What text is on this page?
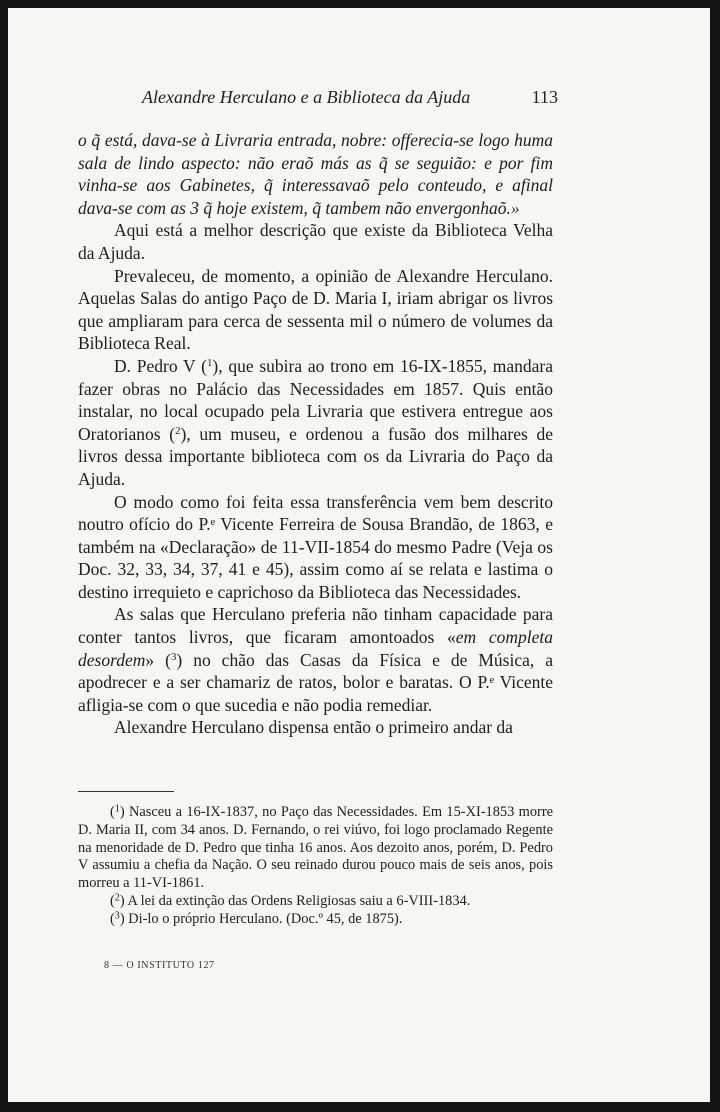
Alexandre Herculano e a Biblioteca da Ajuda	113

o q̃ está, dava-se à Livraria entrada, nobre: offerecia-se logo huma sala de lindo aspecto: não eraõ más as q̃ se seguião: e por fim vinha-se aos Gabinetes, q̃ interessavaõ pelo conteudo, e afinal dava-se com as 3 q̃ hoje existem, q̃ tambem não envergonhaõ.»

Aqui está a melhor descrição que existe da Biblioteca Velha da Ajuda.

Prevaleceu, de momento, a opinião de Alexandre Herculano. Aquelas Salas do antigo Paço de D. Maria I, iriam abrigar os livros que ampliaram para cerca de sessenta mil o número de volumes da Biblioteca Real.

D. Pedro V ($^1$), que subira ao trono em 16-IX-1855, mandara fazer obras no Palácio das Necessidades em 1857. Quis então instalar, no local ocupado pela Livraria que estivera entregue aos Oratorianos ($^2$), um museu, e ordenou a fusão dos milhares de livros dessa importante biblioteca com os da Livraria do Paço da Ajuda.

O modo como foi feita essa transferência vem bem descrito noutro ofício do P.ᵉ Vicente Ferreira de Sousa Brandão, de 1863, e também na «Declaração» de 11-VII-1854 do mesmo Padre (Veja os Doc. 32, 33, 34, 37, 41 e 45), assim como aí se relata e lastima o destino irrequieto e caprichoso da Biblioteca das Necessidades.

As salas que Herculano preferia não tinham capacidade para conter tantos livros, que ficaram amontoados «em completa desordem» ($^3$) no chão das Casas da Física e de Música, a apodrecer e a ser chamariz de ratos, bolor e baratas. O P.ᵉ Vicente afligia-se com o que sucedia e não podia remediar.

Alexandre Herculano dispensa então o primeiro andar da

($^1$) Nasceu a 16-IX-1837, no Paço das Necessidades. Em 15-XI-1853 morre D. Maria II, com 34 anos. D. Fernando, o rei viúvo, foi logo proclamado Regente na menoridade de D. Pedro que tinha 16 anos. Aos dezoito anos, porém, D. Pedro V assumiu a chefia da Nação. O seu reinado durou pouco mais de seis anos, pois morreu a 11-VI-1861.

($^2$) A lei da extinção das Ordens Religiosas saiu a 6-VIII-1834.

($^3$) Di-lo o próprio Herculano. (Doc.º 45, de 1875).

8 — O INSTITUTO 127
